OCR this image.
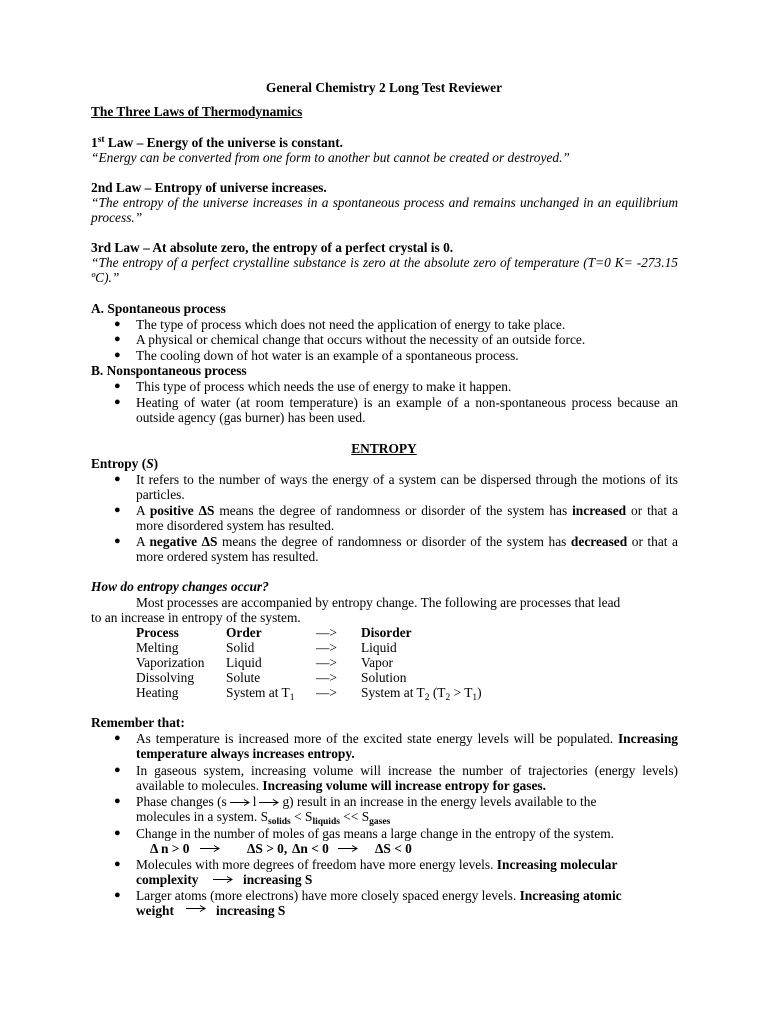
General Chemistry 2 Long Test Reviewer
The Three Laws of Thermodynamics
1st Law – Energy of the universe is constant.
“Energy can be converted from one form to another but cannot be created or destroyed.”
2nd Law – Entropy of universe increases.
“The entropy of the universe increases in a spontaneous process and remains unchanged in an equilibrium process.”
3rd Law – At absolute zero, the entropy of a perfect crystal is 0.
“The entropy of a perfect crystalline substance is zero at the absolute zero of temperature (T=0 K= -273.15 ºC).”
A. Spontaneous process
● The type of process which does not need the application of energy to take place.
● A physical or chemical change that occurs without the necessity of an outside force.
● The cooling down of hot water is an example of a spontaneous process.
B. Nonspontaneous process
● This type of process which needs the use of energy to make it happen.
● Heating of water (at room temperature) is an example of a non-spontaneous process because an outside agency (gas burner) has been used.
ENTROPY
Entropy (S)
● It refers to the number of ways the energy of a system can be dispersed through the motions of its particles.
● A positive ΔS means the degree of randomness or disorder of the system has increased or that a more disordered system has resulted.
● A negative ΔS means the degree of randomness or disorder of the system has decreased or that a more ordered system has resulted.
How do entropy changes occur?
Most processes are accompanied by entropy change. The following are processes that lead
to an increase in entropy of the system.
Process	Order	—> Disorder
Melting	Solid	—> Liquid
Vaporization Liquid	—> Vapor
Dissolving Solute	—> Solution
Heating	System at $T_1$ —> System at $T_2$ $(T_2 > T_1)$
Remember that:
● As temperature is increased more of the excited state energy levels will be populated. Increasing temperature always increases entropy.
● In gaseous system, increasing volume will increase the number of trajectories (energy levels) available to molecules. Increasing volume will increase entropy for gases.
● Phase changes (s l g) result in an increase in the energy levels available to the
molecules in a system. $S_{solids} < S_{liquids} << S_{gases}$
● Change in the number of moles of gas means a large change in the entropy of the system.
Δ n > 0	ΔS > 0, Δn < 0	ΔS < 0
● Molecules with more degrees of freedom have more energy levels. Increasing molecular
complexity	increasing S
● Larger atoms (more electrons) have more closely spaced energy levels. Increasing atomic
weight	increasing S
